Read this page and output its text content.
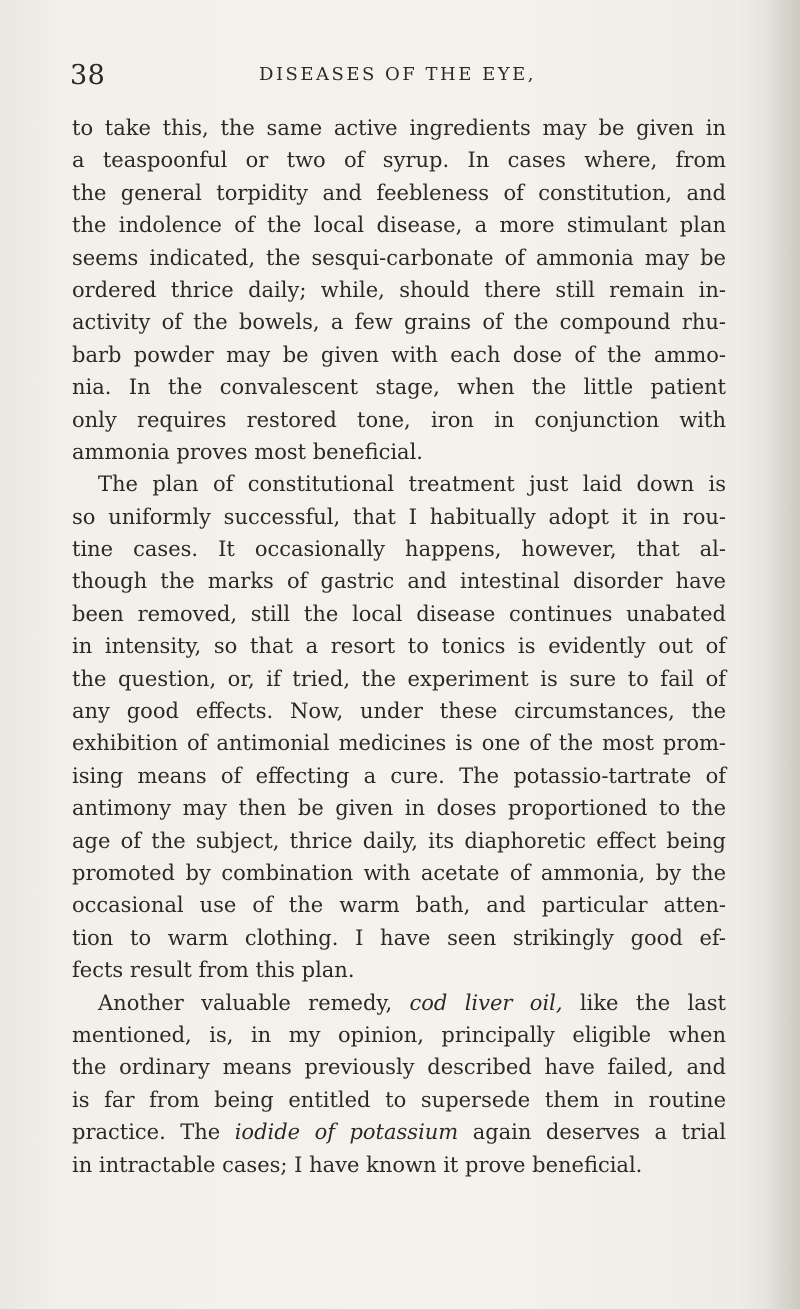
38	DISEASES OF THE EYE,
to take this, the same active ingredients may be given in
a teaspoonful or two of syrup. In cases where, from
the general torpidity and feebleness of constitution, and
the indolence of the local disease, a more stimulant plan
seems indicated, the sesqui-carbonate of ammonia may be
ordered thrice daily; while, should there still remain in-
activity of the bowels, a few grains of the compound rhu-
barb powder may be given with each dose of the ammo-
nia. In the convalescent stage, when the little patient
only requires restored tone, iron in conjunction with
ammonia proves most beneficial.
The plan of constitutional treatment just laid down is
so uniformly successful, that I habitually adopt it in rou-
tine cases. It occasionally happens, however, that al-
though the marks of gastric and intestinal disorder have
been removed, still the local disease continues unabated
in intensity, so that a resort to tonics is evidently out of
the question, or, if tried, the experiment is sure to fail of
any good effects. Now, under these circumstances, the
exhibition of antimonial medicines is one of the most prom-
ising means of effecting a cure. The potassio-tartrate of
antimony may then be given in doses proportioned to the
age of the subject, thrice daily, its diaphoretic effect being
promoted by combination with acetate of ammonia, by the
occasional use of the warm bath, and particular atten-
tion to warm clothing. I have seen strikingly good ef-
fects result from this plan.
Another valuable remedy, cod liver oil, like the last
mentioned, is, in my opinion, principally eligible when
the ordinary means previously described have failed, and
is far from being entitled to supersede them in routine
practice. The iodide of potassium again deserves a trial
in intractable cases; I have known it prove beneficial.
